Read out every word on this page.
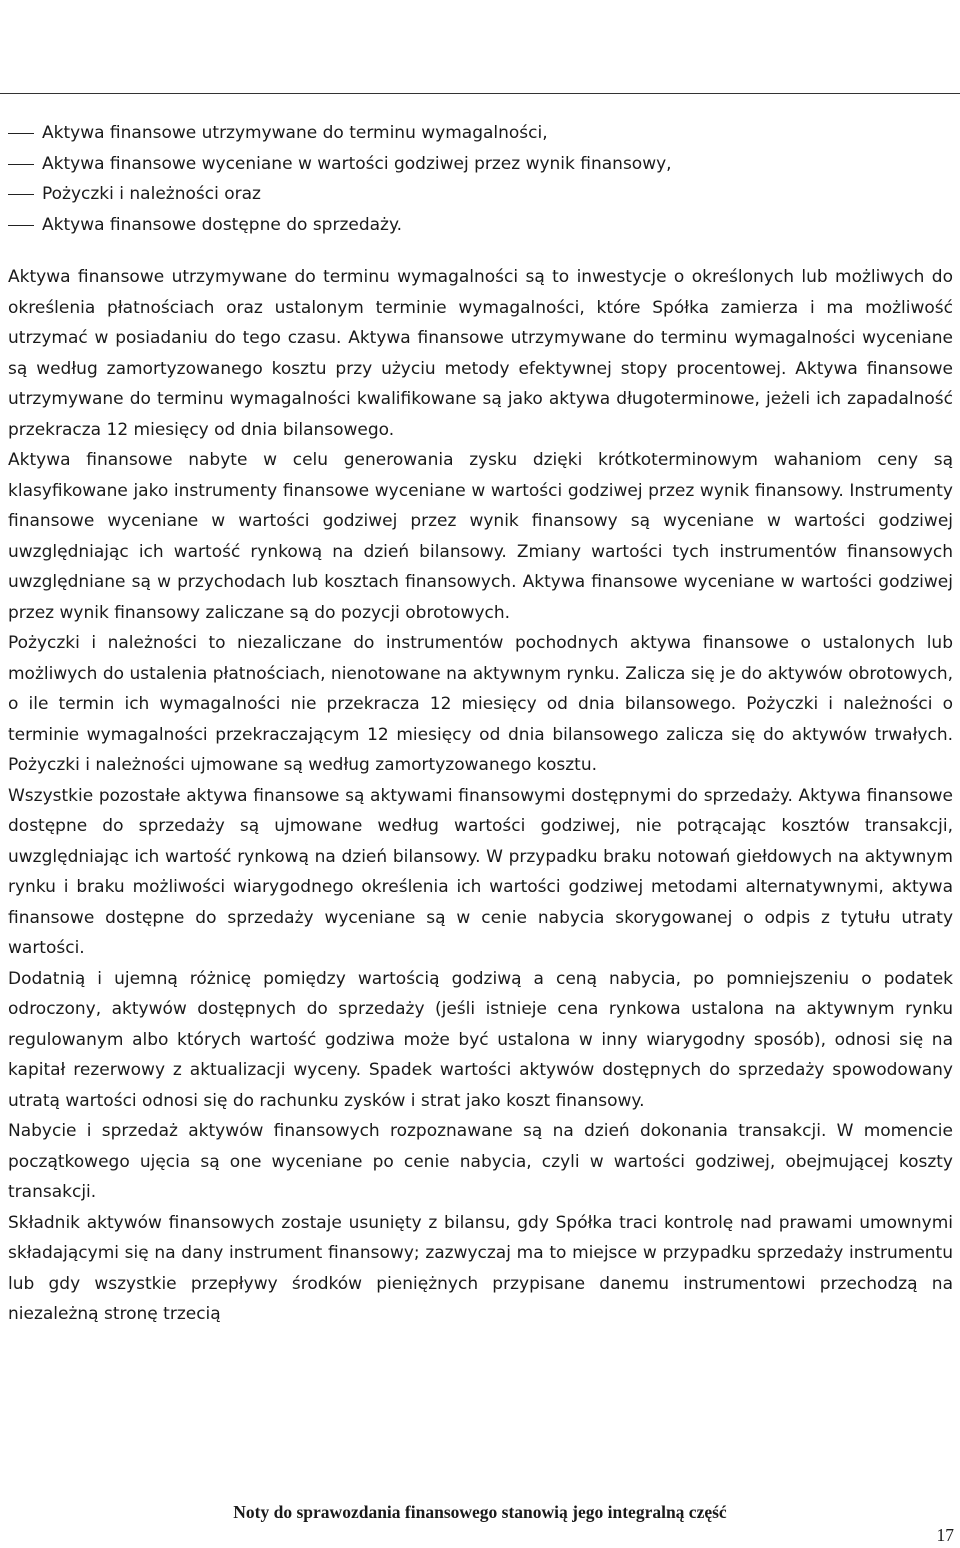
POLNORD SA
Sprawozdanie finansowe za okres od dnia 01.01.2007 do 31.12.2007
Dodatkowe informacje i objaśnienia
(w tysiącach złotych)
Aktywa finansowe utrzymywane do terminu wymagalności,
Aktywa finansowe wyceniane w wartości godziwej przez wynik finansowy,
Pożyczki i należności oraz
Aktywa finansowe dostępne do sprzedaży.

Aktywa finansowe utrzymywane do terminu wymagalności są to inwestycje o określonych lub możliwych do określenia płatnościach oraz ustalonym terminie wymagalności, które Spółka zamierza i ma możliwość utrzymać w posiadaniu do tego czasu. Aktywa finansowe utrzymywane do terminu wymagalności wyceniane są według zamortyzowanego kosztu przy użyciu metody efektywnej stopy procentowej. Aktywa finansowe utrzymywane do terminu wymagalności kwalifikowane są jako aktywa długoterminowe, jeżeli ich zapadalność przekracza 12 miesięcy od dnia bilansowego.

Aktywa finansowe nabyte w celu generowania zysku dzięki krótkoterminowym wahaniom ceny są klasyfikowane jako instrumenty finansowe wyceniane w wartości godziwej przez wynik finansowy. Instrumenty finansowe wyceniane w wartości godziwej przez wynik finansowy są wyceniane w wartości godziwej uwzględniając ich wartość rynkową na dzień bilansowy. Zmiany wartości tych instrumentów finansowych uwzględniane są w przychodach lub kosztach finansowych. Aktywa finansowe wyceniane w wartości godziwej przez wynik finansowy zaliczane są do pozycji obrotowych.

Pożyczki i należności to niezaliczane do instrumentów pochodnych aktywa finansowe o ustalonych lub możliwych do ustalenia płatnościach, nienotowane na aktywnym rynku. Zalicza się je do aktywów obrotowych, o ile termin ich wymagalności nie przekracza 12 miesięcy od dnia bilansowego. Pożyczki i należności o terminie wymagalności przekraczającym 12 miesięcy od dnia bilansowego zalicza się do aktywów trwałych. Pożyczki i należności ujmowane są według zamortyzowanego kosztu.

Wszystkie pozostałe aktywa finansowe są aktywami finansowymi dostępnymi do sprzedaży. Aktywa finansowe dostępne do sprzedaży są ujmowane według wartości godziwej, nie potrącając kosztów transakcji, uwzględniając ich wartość rynkową na dzień bilansowy. W przypadku braku notowań giełdowych na aktywnym rynku i braku możliwości wiarygodnego określenia ich wartości godziwej metodami alternatywnymi, aktywa finansowe dostępne do sprzedaży wyceniane są w cenie nabycia skorygowanej o odpis z tytułu utraty wartości.

Dodatnią i ujemną różnicę pomiędzy wartością godziwą a ceną nabycia, po pomniejszeniu o podatek odroczony, aktywów dostępnych do sprzedaży (jeśli istnieje cena rynkowa ustalona na aktywnym rynku regulowanym albo których wartość godziwa może być ustalona w inny wiarygodny sposób), odnosi się na kapitał rezerwowy z aktualizacji wyceny. Spadek wartości aktywów dostępnych do sprzedaży spowodowany utratą wartości odnosi się do rachunku zysków i strat jako koszt finansowy.

Nabycie i sprzedaż aktywów finansowych rozpoznawane są na dzień dokonania transakcji. W momencie początkowego ujęcia są one wyceniane po cenie nabycia, czyli w wartości godziwej, obejmującej koszty transakcji.

Składnik aktywów finansowych zostaje usunięty z bilansu, gdy Spółka traci kontrolę nad prawami umownymi składającymi się na dany instrument finansowy; zazwyczaj ma to miejsce w przypadku sprzedaży instrumentu lub gdy wszystkie przepływy środków pieniężnych przypisane danemu instrumentowi przechodzą na niezależną stronę trzecią

Noty do sprawozdania finansowego stanowią jego integralną część
17
